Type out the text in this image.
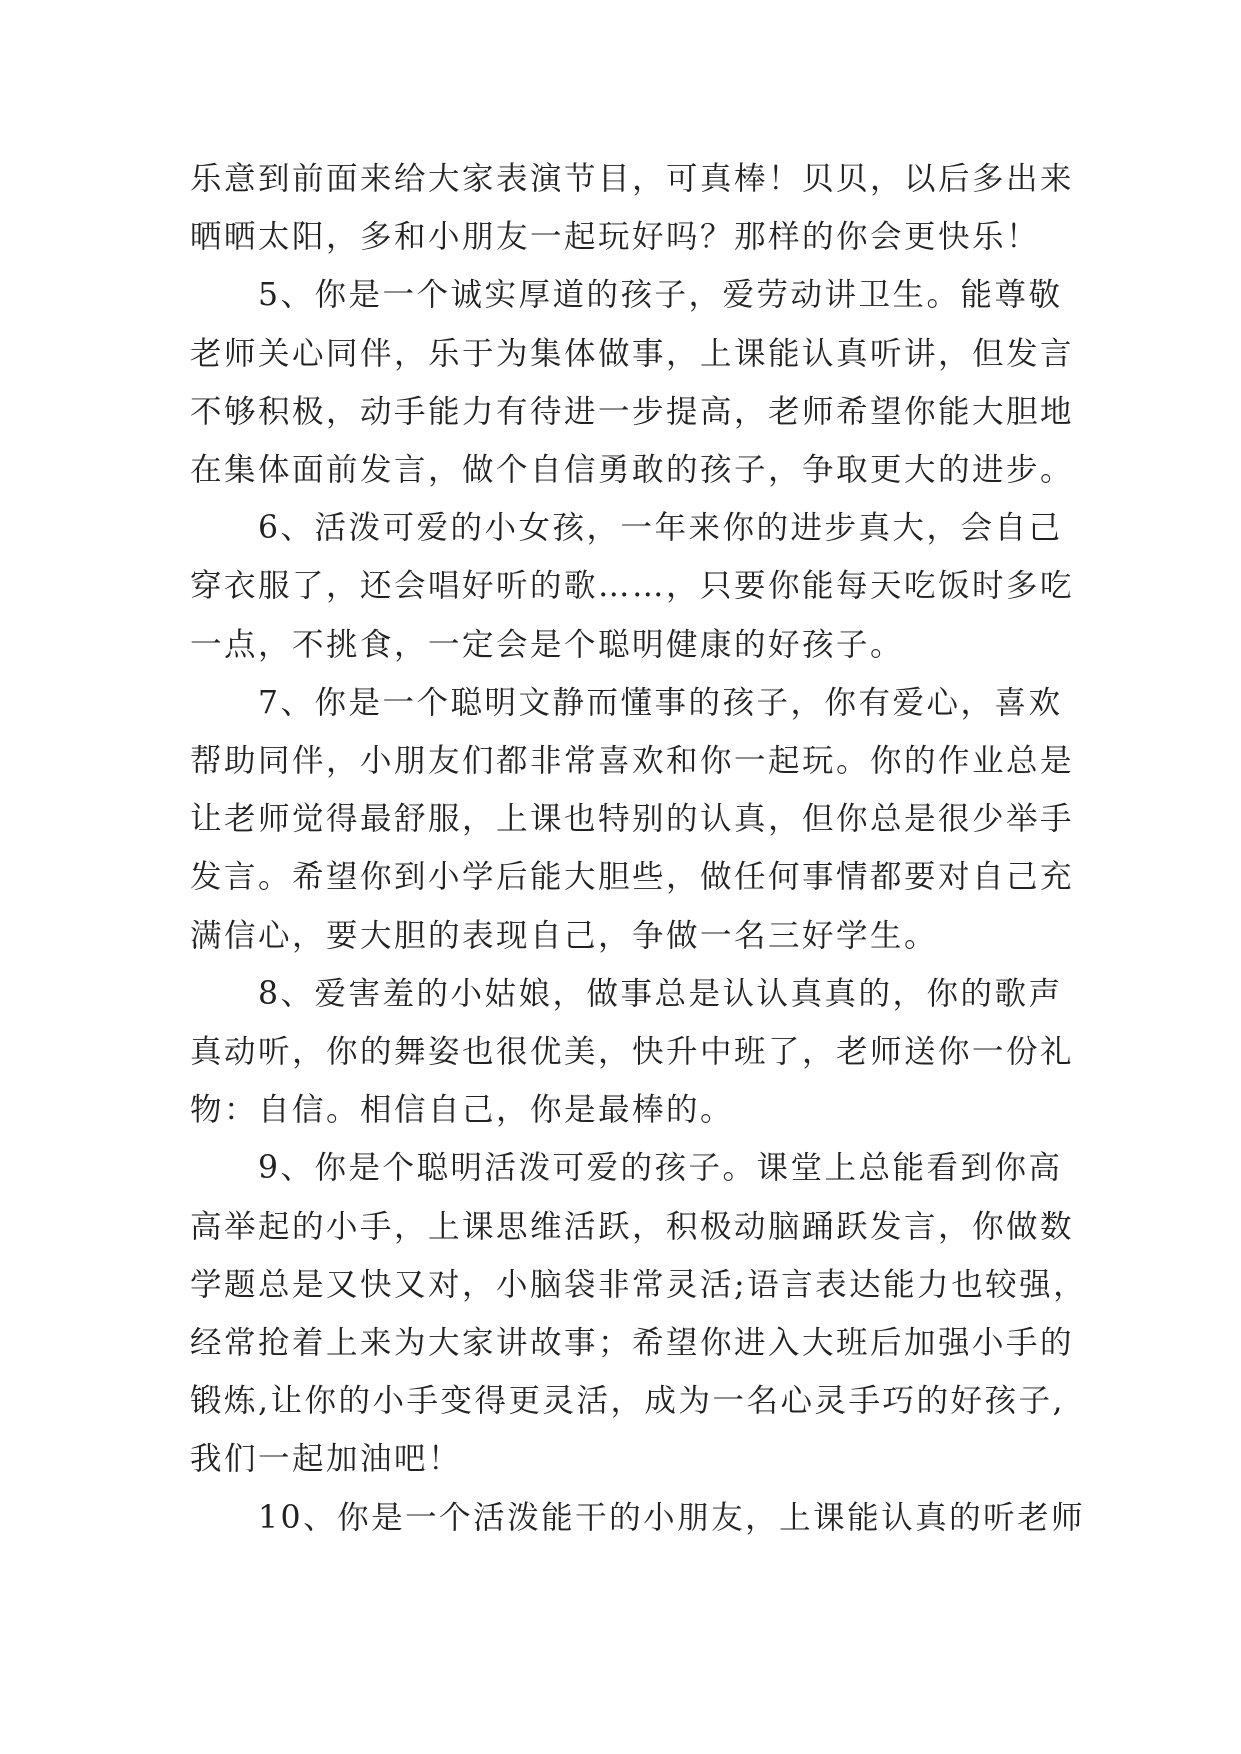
乐意到前面来给大家表演节目，可真棒！贝贝，以后多出来
晒晒太阳，多和小朋友一起玩好吗？那样的你会更快乐！

5、你是一个诚实厚道的孩子，爱劳动讲卫生。能尊敬
老师关心同伴，乐于为集体做事，上课能认真听讲，但发言
不够积极，动手能力有待进一步提高，老师希望你能大胆地
在集体面前发言，做个自信勇敢的孩子，争取更大的进步。

6、活泼可爱的小女孩，一年来你的进步真大，会自己
穿衣服了，还会唱好听的歌……，只要你能每天吃饭时多吃
一点，不挑食，一定会是个聪明健康的好孩子。

7、你是一个聪明文静而懂事的孩子，你有爱心，喜欢
帮助同伴，小朋友们都非常喜欢和你一起玩。你的作业总是
让老师觉得最舒服，上课也特别的认真，但你总是很少举手
发言。希望你到小学后能大胆些，做任何事情都要对自己充
满信心，要大胆的表现自己，争做一名三好学生。

8、爱害羞的小姑娘，做事总是认认真真的，你的歌声
真动听，你的舞姿也很优美，快升中班了，老师送你一份礼
物：自信。相信自己，你是最棒的。

9、你是个聪明活泼可爱的孩子。课堂上总能看到你高
高举起的小手，上课思维活跃，积极动脑踊跃发言，你做数
学题总是又快又对，小脑袋非常灵活;语言表达能力也较强，
经常抢着上来为大家讲故事；希望你进入大班后加强小手的
锻炼,让你的小手变得更灵活，成为一名心灵手巧的好孩子,
我们一起加油吧！

10、你是一个活泼能干的小朋友，上课能认真的听老师
